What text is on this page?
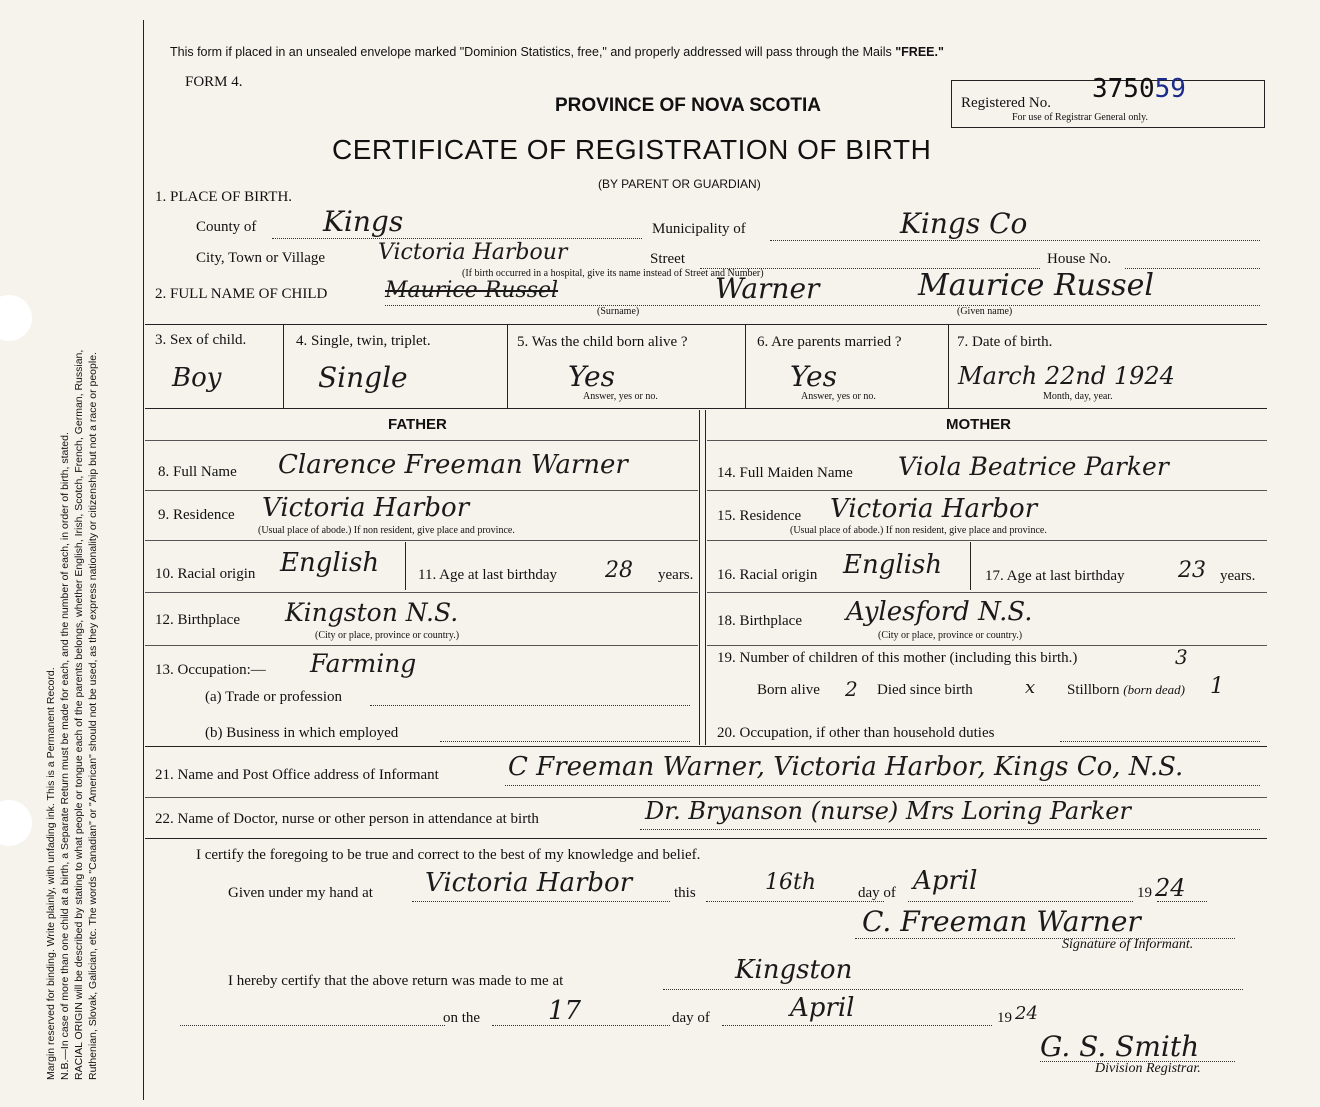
Margin reserved for binding. Write plainly, with unfading ink. This is a Permanent Record. N.B.—In case of more than one child at a birth, a Separate Return must be made for each, and the number of each, in order of birth, stated. RACIAL ORIGIN will be described by stating to what people or tongue each of the parents belongs, whether English, Irish, Scotch, French, German, Russian, Ruthenian, Slovak, Galician, etc. The words "Canadian" or "American" should not be used, as they express nationality or citizenship but not a race or people.
This form if placed in an unsealed envelope marked "Dominion Statistics, free," and properly addressed will pass through the Mails "FREE."
FORM 4.
PROVINCE OF NOVA SCOTIA
CERTIFICATE OF REGISTRATION OF BIRTH
(BY PARENT OR GUARDIAN)
Registered No. 375059
For use of Registrar General only.
1. PLACE OF BIRTH.
County of Kings	Municipality of	Kings Co
City, Town or Village Victoria Harbour	Street	House No.
(If birth occurred in a hospital, give its name instead of Street and Number)
2. FULL NAME OF CHILD	Maurice Russel	Warner	Maurice Russel
(Surname)	(Given name)
3. Sex of child.
Boy
4. Single, twin, triplet.
Single
5. Was the child born alive ?
Yes
Answer, yes or no.
6. Are parents married ?
Yes
Answer, yes or no.
7. Date of birth.
March 22nd 1924
Month, day, year.
FATHER	MOTHER
8. Full Name Clarence Freeman Warner	14. Full Maiden Name Viola Beatrice Parker
9. Residence Victoria Harbor
(Usual place of abode.) If non resident, give place and province.
15. Residence Victoria Harbor
(Usual place of abode.) If non resident, give place and province.
10. Racial origin English	11. Age at last birthday 28 years. 16. Racial origin English	17. Age at last birthday 23 years.
12. Birthplace Kingston N.S.
(City or place, province or country.)
18. Birthplace Aylesford N.S.
(City or place, province or country.)
13. Occupation:— Farming
(a) Trade or profession
(b) Business in which employed
19. Number of children of this mother (including this birth.)	3
Born alive 2 Died since birth	x Stillborn (born dead) 1
20. Occupation, if other than household duties
21. Name and Post Office address of Informant	C Freeman Warner, Victoria Harbor, Kings Co, N.S.
22. Name of Doctor, nurse or other person in attendance at birth	Dr. Bryanson (nurse) Mrs Loring Parker
I certify the foregoing to be true and correct to the best of my knowledge and belief.
Given under my hand at Victoria Harbor	this	16th	day of April	19 24
C. Freeman Warner
Signature of Informant.
I hereby certify that the above return was made to me at	Kingston
on the	17	day of	April	19 24
G. S. Smith
Division Registrar.
